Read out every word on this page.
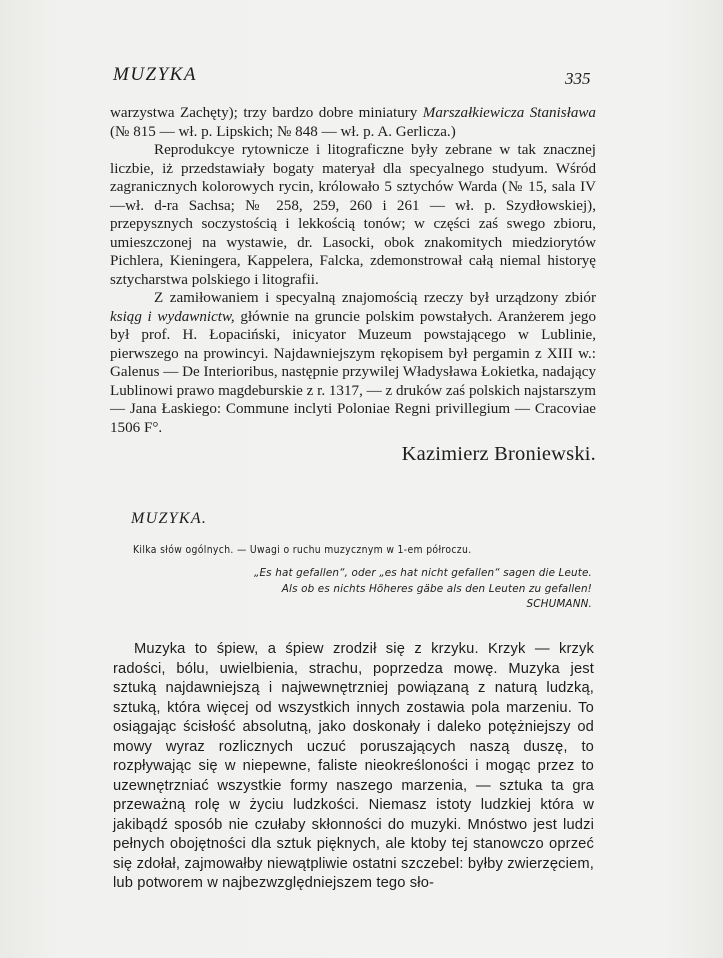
MUZYKA	335

warzystwa Zachęty); trzy bardzo dobre miniatury Marszałkiewicza Stanisława (№ 815 — wł. p. Lipskich; № 848 — wł. p. A. Gerlicza.)

Reprodukcye rytownicze i litograficzne były zebrane w tak znacznej liczbie, iż przedstawiały bogaty materyał dla specyalnego studyum. Wśród zagranicznych kolorowych rycin, królowało 5 sztychów Warda (№ 15, sala IV—wł. d-ra Sachsa; № 258, 259, 260 i 261 — wł. p. Szydłowskiej), przepysznych soczystością i lekkością tonów; w części zaś swego zbioru, umieszczonej na wystawie, dr. Lasocki, obok znakomitych miedziorytów Pichlera, Kieningera, Kappelera, Falcka, zdemonstrował całą niemal historyę sztycharstwa polskiego i litografii.

Z zamiłowaniem i specyalną znajomością rzeczy był urządzony zbiór ksiąg i wydawnictw, głównie na gruncie polskim powstałych. Aranżerem jego był prof. H. Łopaciński, inicyator Muzeum powstającego w Lublinie, pierwszego na prowincyi. Najdawniejszym rękopisem był pergamin z XIII w.: Galenus — De Interioribus, następnie przywilej Władysława Łokietka, nadający Lublinowi prawo magdeburskie z r. 1317, — z druków zaś polskich najstarszym — Jana Łaskiego: Commune inclyti Poloniae Regni privillegium — Cracoviae 1506 F°.

Kazimierz Broniewski.
MUZYKA.
Kilka słów ogólnych. — Uwagi o ruchu muzycznym w 1-em półroczu.
„Es hat gefallen“, oder „es hat nicht gefallen“ sagen die Leute.
Als ob es nichts Höheres gäbe als den Leuten zu gefallen!
SCHUMANN.

Muzyka to śpiew, a śpiew zrodził się z krzyku. Krzyk — krzyk radości, bólu, uwielbienia, strachu, poprzedza mowę. Muzyka jest sztuką najdawniejszą i najwewnętrzniej powiązaną z naturą ludzką, sztuką, która więcej od wszystkich innych zostawia pola marzeniu. To osiągając ścisłość absolutną, jako doskonały i daleko potężniejszy od mowy wyraz rozlicznych uczuć poruszających naszą duszę, to rozpływając się w niepewne, faliste nieokreśloności i mogąc przez to uzewnętrzniać wszystkie formy naszego marzenia, — sztuka ta gra przeważną rolę w życiu ludzkości. Niemasz istoty ludzkiej która w jakibądź sposób nie czułaby skłonności do muzyki. Mnóstwo jest ludzi pełnych obojętności dla sztuk pięknych, ale ktoby tej stanowczo oprzeć się zdołał, zajmowałby niewątpliwie ostatni szczebel: byłby zwierzęciem, lub potworem w najbezwzględniejszem tego sło-
